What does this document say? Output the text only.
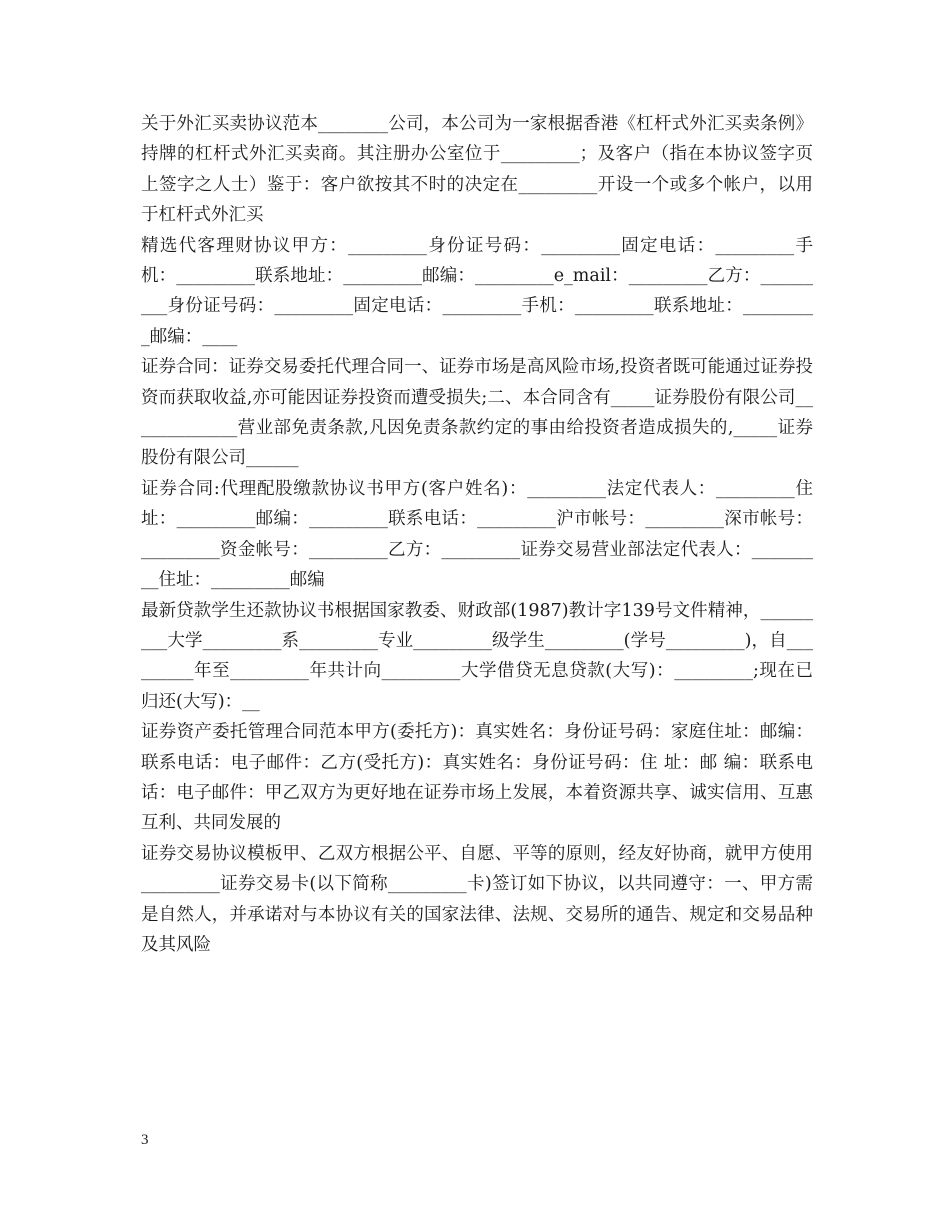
关于外汇买卖协议范本________公司，本公司为一家根据香港《杠杆式外汇买卖条例》持牌的杠杆式外汇买卖商。其注册办公室位于_________；及客户（指在本协议签字页上签字之人士）鉴于：客户欲按其不时的决定在_________开设一个或多个帐户，以用于杠杆式外汇买

精选代客理财协议甲方：_________身份证号码：_________固定电话：_________手机：_________联系地址：_________邮编：_________e_mail：_________乙方：_________身份证号码：_________固定电话：_________手机：_________联系地址：_________邮编：____

证券合同：证券交易委托代理合同一、证券市场是高风险市场,投资者既可能通过证券投资而获取收益,亦可能因证券投资而遭受损失;二、本合同含有_____证券股份有限公司_____________营业部免责条款,凡因免责条款约定的事由给投资者造成损失的,_____证券股份有限公司______

证券合同:代理配股缴款协议书甲方(客户姓名)：_________法定代表人：_________住址：_________邮编：_________联系电话：_________沪市帐号：_________深市帐号：_________资金帐号：_________乙方：_________证券交易营业部法定代表人：_________住址：_________邮编

最新贷款学生还款协议书根据国家教委、财政部(1987)教计字139号文件精神，_________大学_________系_________专业_________级学生_________(学号_________)，自_________年至_________年共计向_________大学借贷无息贷款(大写)：_________;现在已归还(大写)：__

证券资产委托管理合同范本甲方(委托方)：真实姓名：身份证号码：家庭住址：邮编：联系电话：电子邮件：乙方(受托方)：真实姓名：身份证号码：住 址：邮 编：联系电话：电子邮件：甲乙双方为更好地在证券市场上发展，本着资源共享、诚实信用、互惠互利、共同发展的

证券交易协议模板甲、乙双方根据公平、自愿、平等的原则，经友好协商，就甲方使用_________证券交易卡(以下简称_________卡)签订如下协议，以共同遵守：一、甲方需是自然人，并承诺对与本协议有关的国家法律、法规、交易所的通告、规定和交易品种及其风险

3
